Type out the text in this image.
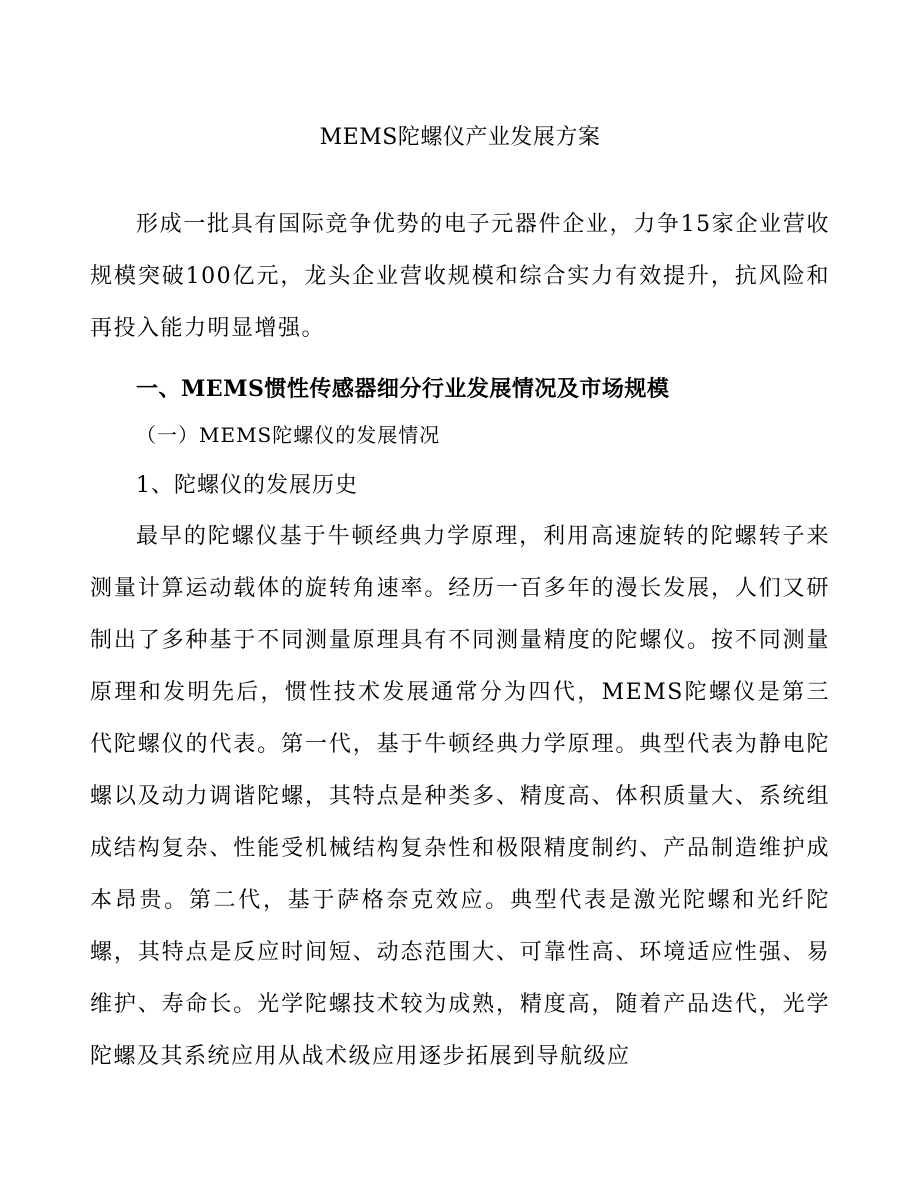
MEMS陀螺仪产业发展方案

形成一批具有国际竞争优势的电子元器件企业，力争15家企业营收规模突破100亿元，龙头企业营收规模和综合实力有效提升，抗风险和再投入能力明显增强。

一、MEMS惯性传感器细分行业发展情况及市场规模
（一）MEMS陀螺仪的发展情况
1、陀螺仪的发展历史

最早的陀螺仪基于牛顿经典力学原理，利用高速旋转的陀螺转子来测量计算运动载体的旋转角速率。经历一百多年的漫长发展，人们又研制出了多种基于不同测量原理具有不同测量精度的陀螺仪。按不同测量原理和发明先后，惯性技术发展通常分为四代，MEMS陀螺仪是第三代陀螺仪的代表。第一代，基于牛顿经典力学原理。典型代表为静电陀螺以及动力调谐陀螺，其特点是种类多、精度高、体积质量大、系统组成结构复杂、性能受机械结构复杂性和极限精度制约、产品制造维护成本昂贵。第二代，基于萨格奈克效应。典型代表是激光陀螺和光纤陀螺，其特点是反应时间短、动态范围大、可靠性高、环境适应性强、易维护、寿命长。光学陀螺技术较为成熟，精度高，随着产品迭代，光学陀螺及其系统应用从战术级应用逐步拓展到导航级应
